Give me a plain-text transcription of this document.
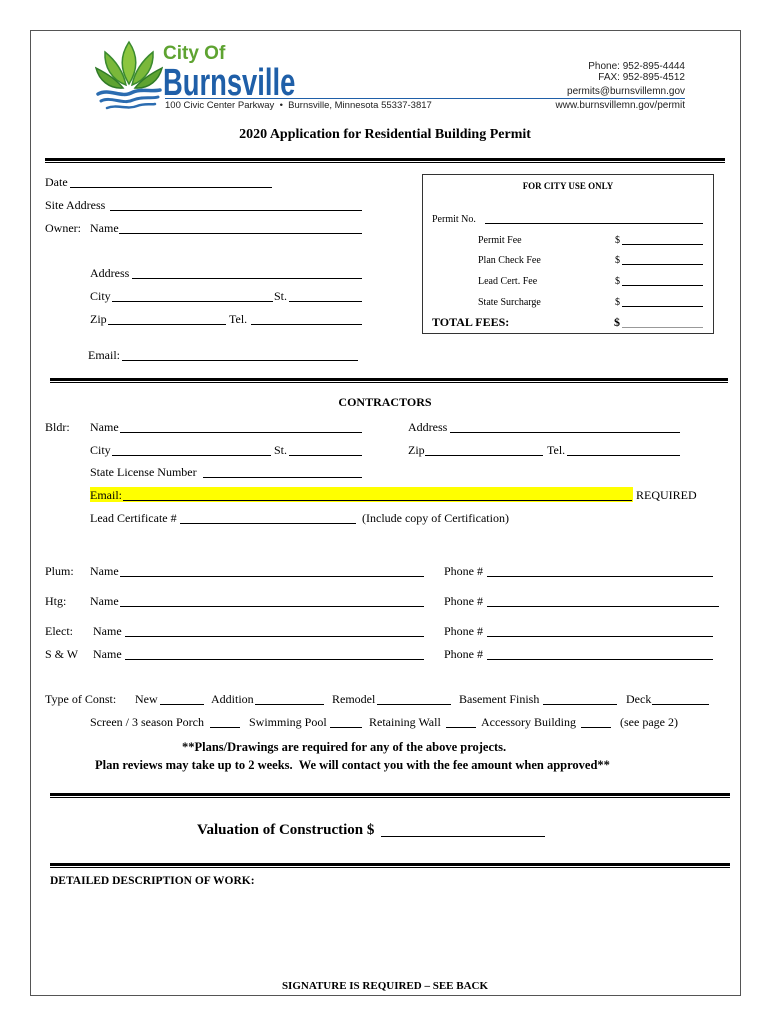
City Of
Burnsville
100 Civic Center Parkway  •  Burnsville, Minnesota 55337-3817
Phone: 952-895-4444
FAX: 952-895-4512
permits@burnsvillemn.gov
www.burnsvillemn.gov/permit
2020 Application for Residential Building Permit
Date
Site Address
Owner: Name
Address
City	St.
Zip	Tel.
Email:
FOR CITY USE ONLY
Permit No.
Permit Fee	$
Plan Check Fee	$
Lead Cert. Fee	$
State Surcharge	$
TOTAL FEES:	$
CONTRACTORS
Bldr: Name	Address
City	St.	Zip	Tel.
State License Number
Email:	REQUIRED
Lead Certificate #	(Include copy of Certification)
Plum: Name	Phone #
Htg: Name	Phone #
Elect: Name	Phone #
S & W Name	Phone #
Type of Const: New	Addition	Remodel	Basement Finish	Deck
Screen / 3 season Porch	Swimming Pool	Retaining Wall	Accessory Building	(see page 2)
**Plans/Drawings are required for any of the above projects.
Plan reviews may take up to 2 weeks.  We will contact you with the fee amount when approved**
Valuation of Construction $
DETAILED DESCRIPTION OF WORK:
SIGNATURE IS REQUIRED – SEE BACK
